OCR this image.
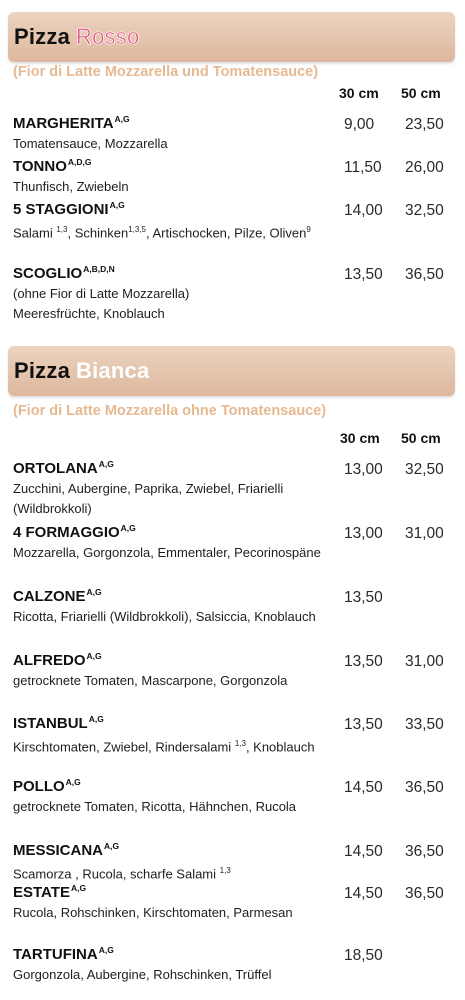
Pizza Rosso
(Fior di Latte Mozzarella und Tomatensauce)
30 cm 50 cm
$MARGHERITA^{A,G}$
Tomatensauce, Mozzarella
9,00 23,50
$TONNO^{A,D,G}$
Thunfisch, Zwiebeln
11,50 26,00
5 $STAGGIONI^{A,G}$
Salami $^{1,3}$, Schinken$^{1,3,5}$, Artischocken, Pilze, Oliven$^9$
14,00 32,50
$SCOGLIO^{A,B,D,N}$
(ohne Fior di Latte Mozzarella)
Meeresfrüchte, Knoblauch
13,50 36,50
Pizza Bianca
(Fior di Latte Mozzarella ohne Tomatensauce)
30 cm 50 cm
$ORTOLANA^{A,G}$
Zucchini, Aubergine, Paprika, Zwiebel, Friarielli (Wildbrokkoli)
13,00 32,50
4 $FORMAGGIO^{A,G}$
Mozzarella, Gorgonzola, Emmentaler, Pecorinospäne
13,00 31,00
$CALZONE^{A,G}$
Ricotta, Friarielli (Wildbrokkoli), Salsiccia, Knoblauch
13,50
$ALFREDO^{A,G}$
getrocknete Tomaten, Mascarpone, Gorgonzola
13,50 31,00
$ISTANBUL^{A,G}$
Kirschtomaten, Zwiebel, Rindersalami $^{1,3}$, Knoblauch
13,50 33,50
$POLLO^{A,G}$
getrocknete Tomaten, Ricotta, Hähnchen, Rucola
14,50 36,50
$MESSICANA^{A,G}$
Scamorza , Rucola, scharfe Salami $^{1,3}$
14,50 36,50
$ESTATE^{A,G}$
Rucola, Rohschinken, Kirschtomaten, Parmesan
14,50 36,50
$TARTUFINA^{A,G}$
Gorgonzola, Aubergine, Rohschinken, Trüffel
18,50
